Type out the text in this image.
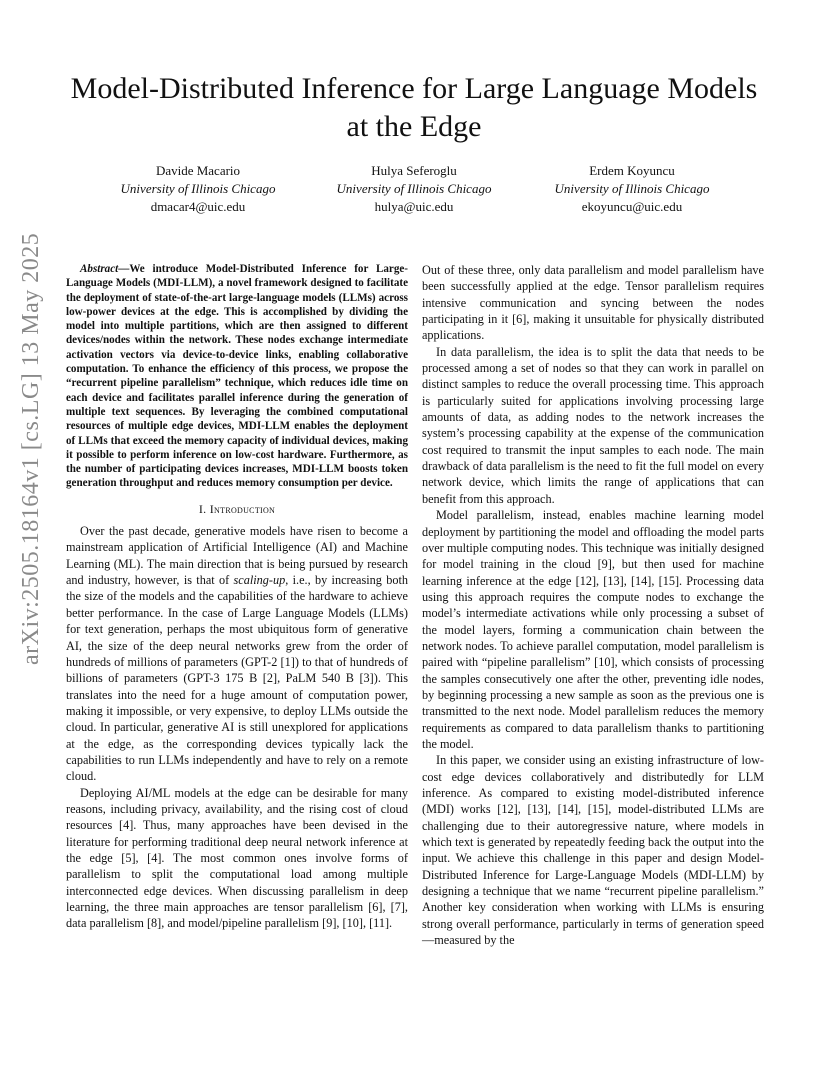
Model-Distributed Inference for Large Language Models at the Edge
Davide Macario
University of Illinois Chicago
dmacar4@uic.edu
Hulya Seferoglu
University of Illinois Chicago
hulya@uic.edu
Erdem Koyuncu
University of Illinois Chicago
ekoyuncu@uic.edu
arXiv:2505.18164v1 [cs.LG] 13 May 2025	Abstract—We introduce Model-Distributed Inference for Large-Language Models (MDI-LLM), a novel framework designed to facilitate the deployment of state-of-the-art large-language models (LLMs) across low-power devices at the edge. This is accomplished by dividing the model into multiple partitions, which are then assigned to different devices/nodes within the network. These nodes exchange intermediate activation vectors via device-to-device links, enabling collaborative computation. To enhance the efficiency of this process, we propose the “recurrent pipeline parallelism” technique, which reduces idle time on each device and facilitates parallel inference during the generation of multiple text sequences. By leveraging the combined computational resources of multiple edge devices, MDI-LLM enables the deployment of LLMs that exceed the memory capacity of individual devices, making it possible to perform inference on low-cost hardware. Furthermore, as the number of participating devices increases, MDI-LLM boosts token generation throughput and reduces memory consumption per device.

I. Introduction

Over the past decade, generative models have risen to become a mainstream application of Artificial Intelligence (AI) and Machine Learning (ML). The main direction that is being pursued by research and industry, however, is that of scaling-up, i.e., by increasing both the size of the models and the capabilities of the hardware to achieve better performance. In the case of Large Language Models (LLMs) for text generation, perhaps the most ubiquitous form of generative AI, the size of the deep neural networks grew from the order of hundreds of millions of parameters (GPT-2 [1]) to that of hundreds of billions of parameters (GPT-3 175 B [2], PaLM 540 B [3]). This translates into the need for a huge amount of computation power, making it impossible, or very expensive, to deploy LLMs outside the cloud. In particular, generative AI is still unexplored for applications at the edge, as the corresponding devices typically lack the capabilities to run LLMs independently and have to rely on a remote cloud.

Deploying AI/ML models at the edge can be desirable for many reasons, including privacy, availability, and the rising cost of cloud resources [4]. Thus, many approaches have been devised in the literature for performing traditional deep neural network inference at the edge [5], [4]. The most common ones involve forms of parallelism to split the computational load among multiple interconnected edge devices. When discussing parallelism in deep learning, the three main approaches are tensor parallelism [6], [7], data parallelism [8], and model/pipeline parallelism [9], [10], [11].

Out of these three, only data parallelism and model parallelism have been successfully applied at the edge. Tensor parallelism requires intensive communication and syncing between the nodes participating in it [6], making it unsuitable for physically distributed applications.

In data parallelism, the idea is to split the data that needs to be processed among a set of nodes so that they can work in parallel on distinct samples to reduce the overall processing time. This approach is particularly suited for applications involving processing large amounts of data, as adding nodes to the network increases the system’s processing capability at the expense of the communication cost required to transmit the input samples to each node. The main drawback of data parallelism is the need to fit the full model on every network device, which limits the range of applications that can benefit from this approach.

Model parallelism, instead, enables machine learning model deployment by partitioning the model and offloading the model parts over multiple computing nodes. This technique was initially designed for model training in the cloud [9], but then used for machine learning inference at the edge [12], [13], [14], [15]. Processing data using this approach requires the compute nodes to exchange the model’s intermediate activations while only processing a subset of the model layers, forming a communication chain between the network nodes. To achieve parallel computation, model parallelism is paired with “pipeline parallelism” [10], which consists of processing the samples consecutively one after the other, preventing idle nodes, by beginning processing a new sample as soon as the previous one is transmitted to the next node. Model parallelism reduces the memory requirements as compared to data parallelism thanks to partitioning the model.

In this paper, we consider using an existing infrastructure of low-cost edge devices collaboratively and distributedly for LLM inference. As compared to existing model-distributed inference (MDI) works [12], [13], [14], [15], model-distributed LLMs are challenging due to their autoregressive nature, where models in which text is generated by repeatedly feeding back the output into the input. We achieve this challenge in this paper and design Model-Distributed Inference for Large-Language Models (MDI-LLM) by designing a technique that we name “recurrent pipeline parallelism.” Another key consideration when working with LLMs is ensuring strong overall performance, particularly in terms of generation speed—measured by the
